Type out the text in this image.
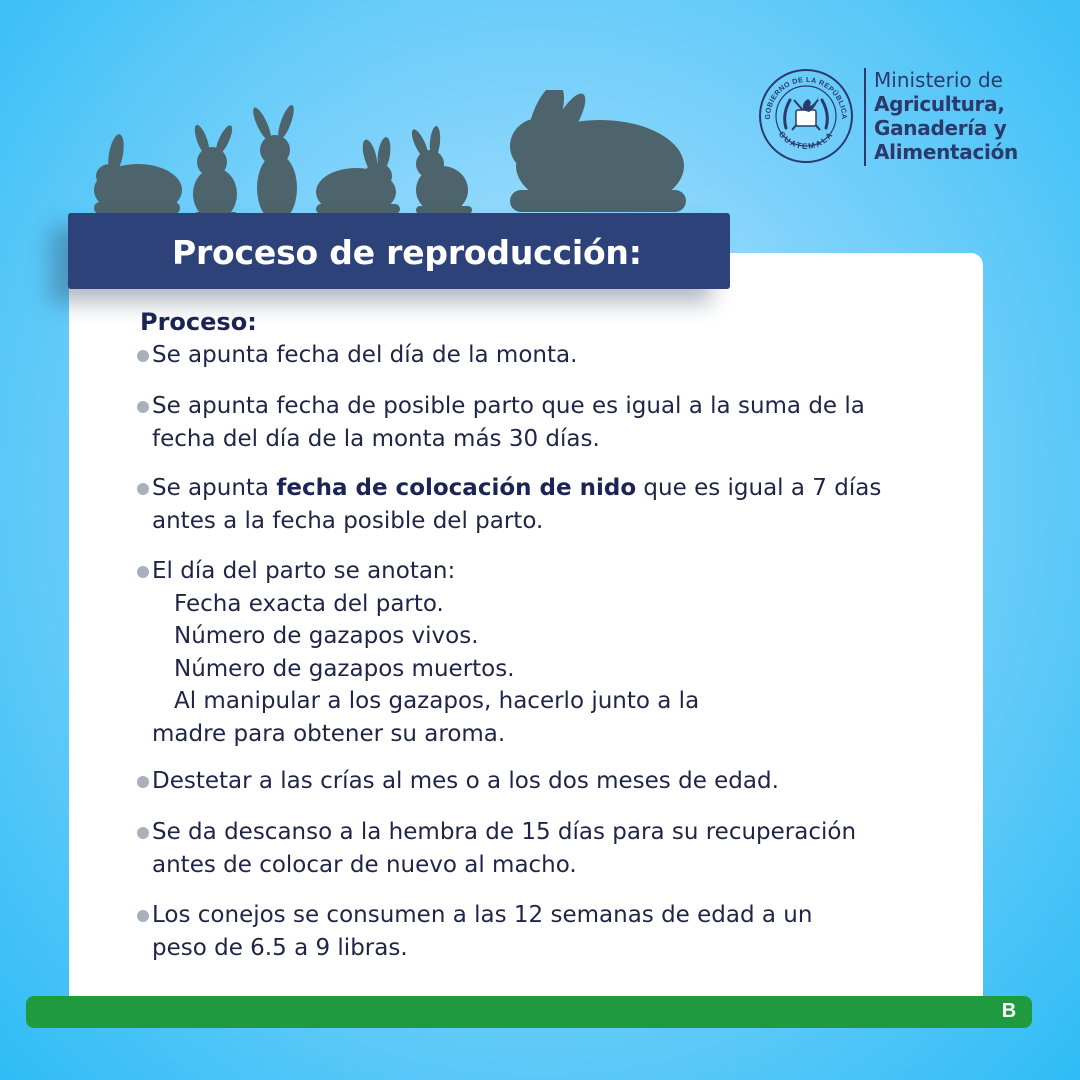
GOBIERNO DE LA REPÚBLICA
GUATEMALA
Ministerio de
Agricultura,
Ganadería y
Alimentación
Proceso:
Se apunta fecha del día de la monta.
Se apunta fecha de posible parto que es igual a la suma de la
fecha del día de la monta más 30 días.
Se apunta fecha de colocación de nido que es igual a 7 días
antes a la fecha posible del parto.
El día del parto se anotan:
Fecha exacta del parto.
Número de gazapos vivos.
Número de gazapos muertos.
Al manipular a los gazapos, hacerlo junto a la
madre para obtener su aroma.
Destetar a las crías al mes o a los dos meses de edad.
Se da descanso a la hembra de 15 días para su recuperación
antes de colocar de nuevo al macho.
Los conejos se consumen a las 12 semanas de edad a un
peso de 6.5 a 9 libras.
Proceso de reproducción:
B
